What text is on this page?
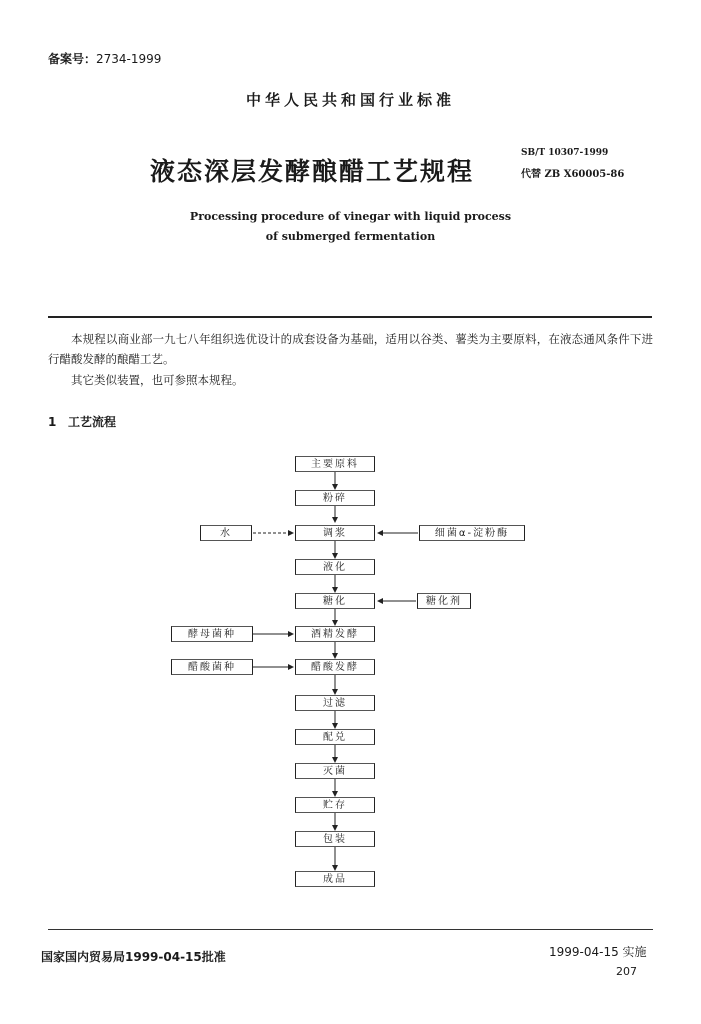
备案号：2734-1999
中华人民共和国行业标准
液态深层发酵酿醋工艺规程
SB/T 10307-1999
代替 ZB X60005-86
Processing procedure of vinegar with liquid process
of submerged fermentation
本规程以商业部一九七八年组织选优设计的成套设备为基础，适用以谷类、薯类为主要原料，在液态通风条件下进行醋酸发酵的酿醋工艺。
其它类似装置，也可参照本规程。
1 工艺流程
主要原料
粉碎
调浆
液化
糖化
酒精发酵
醋酸发酵
过滤
配兑
灭菌
贮存
包装
成品
水	细菌α-淀粉酶
糖化剂
酵母菌种
醋酸菌种
国家国内贸易局1999-04-15批准	1999-04-15 实施
207
